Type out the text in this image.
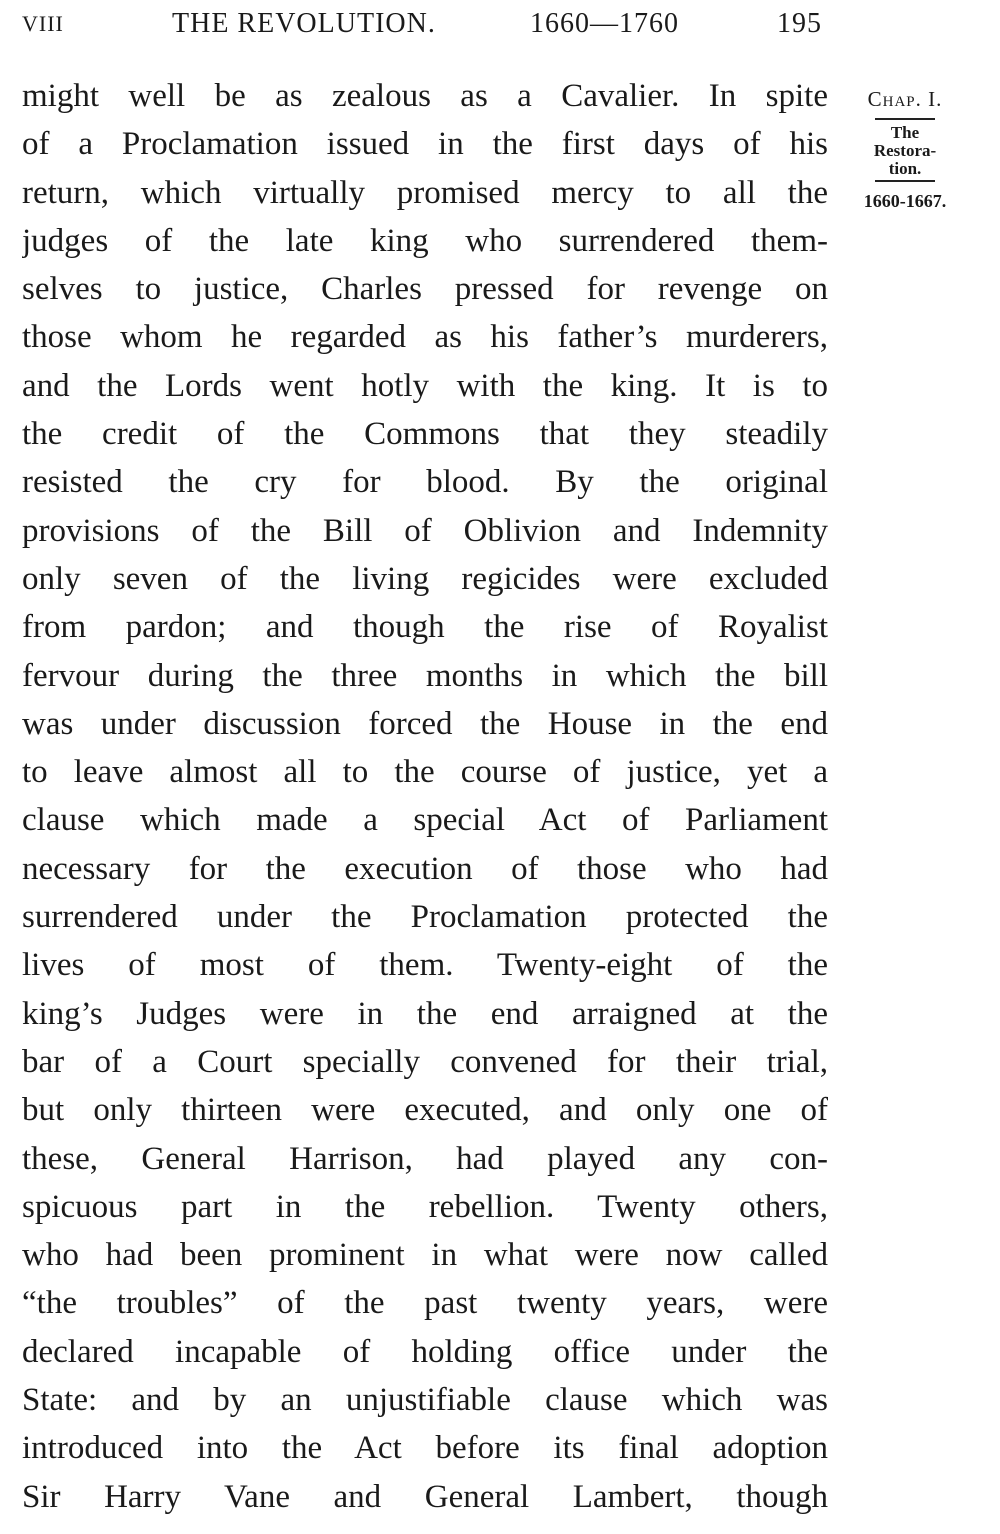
VIII	THE REVOLUTION.	1660—1760	195
might well be as zealous as a Cavalier. In spite
of a Proclamation issued in the first days of his
return, which virtually promised mercy to all the
judges of the late king who surrendered them-
selves to justice, Charles pressed for revenge on
those whom he regarded as his father’s murderers,
and the Lords went hotly with the king. It is to
the credit of the Commons that they steadily
resisted the cry for blood. By the original
provisions of the Bill of Oblivion and Indemnity
only seven of the living regicides were excluded
from pardon; and though the rise of Royalist
fervour during the three months in which the bill
was under discussion forced the House in the end
to leave almost all to the course of justice, yet a
clause which made a special Act of Parliament
necessary for the execution of those who had
surrendered under the Proclamation protected the
lives of most of them. Twenty-eight of the
king’s Judges were in the end arraigned at the
bar of a Court specially convened for their trial,
but only thirteen were executed, and only one of
these, General Harrison, had played any con-
spicuous part in the rebellion. Twenty others,
who had been prominent in what were now called
“the troubles” of the past twenty years, were
declared incapable of holding office under the
State: and by an unjustifiable clause which was
introduced into the Act before its final adoption
Sir Harry Vane and General Lambert, though
Chap. I.
The
Restora-
tion.
1660-1667.
